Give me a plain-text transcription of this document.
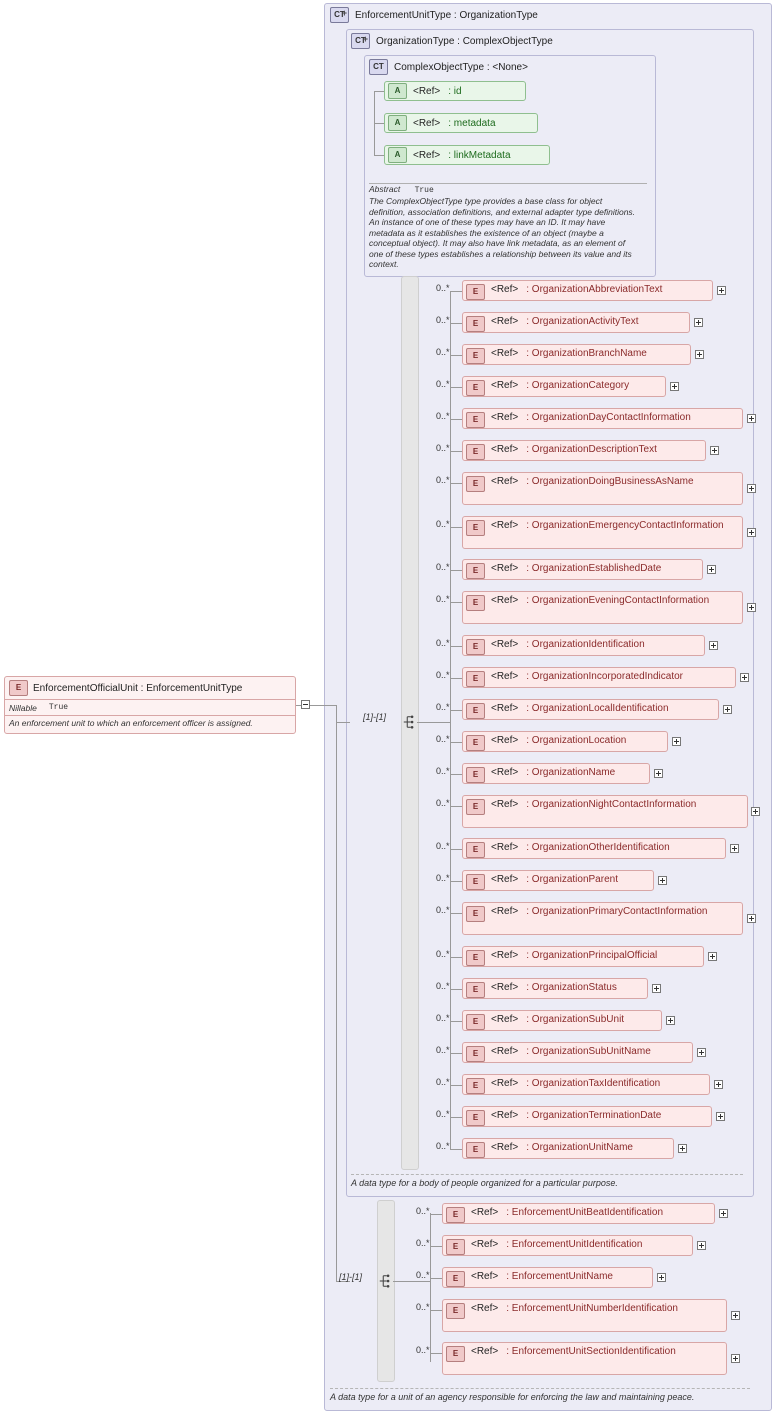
CT +	EnforcementUnitType : OrganizationType
A data type for a unit of an agency responsible for enforcing the law and maintaining peace.
CT +	OrganizationType : ComplexObjectType
A data type for a body of people organized for a particular purpose.
CT	ComplexObjectType : <None>
A	<Ref> : id
A	<Ref> : metadata
A	<Ref> : linkMetadata
Abstract True
The ComplexObjectType type provides a base class for object definition, association definitions, and external adapter type definitions. An instance of one of these types may have an ID. It may have metadata as it establishes the existence of an object (maybe a conceptual object). It may also have link metadata, as an element of one of these types establishes a relationship between its value and its context.
E	EnforcementOfficialUnit : EnforcementUnitType
Nillable True
An enforcement unit to which an enforcement officer is assigned.
[1]-[1]
E	<Ref> : OrganizationAbbreviationText
0..*
E	<Ref> : OrganizationActivityText
0..*
E	<Ref> : OrganizationBranchName
0..*
E	<Ref> : OrganizationCategory
0..*
E	<Ref> : OrganizationDayContactInformation
0..*
E	<Ref> : OrganizationDescriptionText
0..*
E	<Ref> : OrganizationDoingBusinessAsName
0..*
E	<Ref> : OrganizationEmergencyContactInformation
0..*
E	<Ref> : OrganizationEstablishedDate
0..*
E	<Ref> : OrganizationEveningContactInformation
0..*
E	<Ref> : OrganizationIdentification
0..*
E	<Ref> : OrganizationIncorporatedIndicator
0..*
E	<Ref> : OrganizationLocalIdentification
0..*
E	<Ref> : OrganizationLocation
0..*
E	<Ref> : OrganizationName
0..*
E	<Ref> : OrganizationNightContactInformation
0..*
E	<Ref> : OrganizationOtherIdentification
0..*
E	<Ref> : OrganizationParent
0..*
E	<Ref> : OrganizationPrimaryContactInformation
0..*
E	<Ref> : OrganizationPrincipalOfficial
0..*
E	<Ref> : OrganizationStatus
0..*
E	<Ref> : OrganizationSubUnit
0..*
E	<Ref> : OrganizationSubUnitName
0..*
E	<Ref> : OrganizationTaxIdentification
0..*
E	<Ref> : OrganizationTerminationDate
0..*
E	<Ref> : OrganizationUnitName
0..*
[1]-[1]
E	<Ref> : EnforcementUnitBeatIdentification
0..*
E	<Ref> : EnforcementUnitIdentification
0..*
E	<Ref> : EnforcementUnitName
0..*
E	<Ref> : EnforcementUnitNumberIdentification
0..*
E	<Ref> : EnforcementUnitSectionIdentification
0..*
